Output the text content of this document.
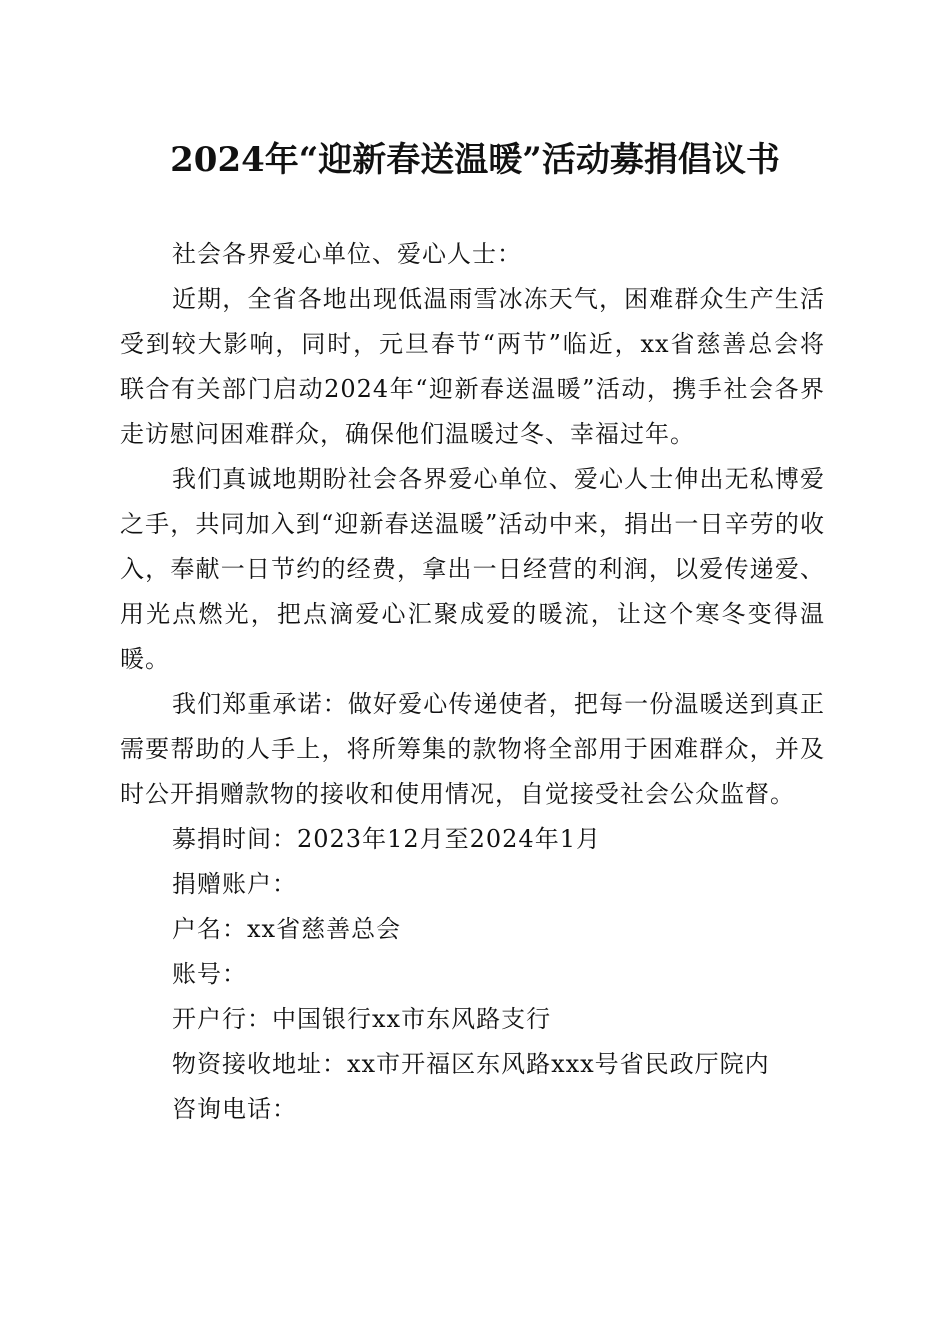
2024年“迎新春送温暖”活动募捐倡议书

社会各界爱心单位、爱心人士：

近期，全省各地出现低温雨雪冰冻天气，困难群众生产生活受到较大影响，同时，元旦春节“两节”临近，xx省慈善总会将联合有关部门启动2024年“迎新春送温暖”活动，携手社会各界走访慰问困难群众，确保他们温暖过冬、幸福过年。

我们真诚地期盼社会各界爱心单位、爱心人士伸出无私博爱之手，共同加入到“迎新春送温暖”活动中来，捐出一日辛劳的收入，奉献一日节约的经费，拿出一日经营的利润，以爱传递爱、用光点燃光，把点滴爱心汇聚成爱的暖流，让这个寒冬变得温暖。

我们郑重承诺：做好爱心传递使者，把每一份温暖送到真正需要帮助的人手上，将所筹集的款物将全部用于困难群众，并及时公开捐赠款物的接收和使用情况，自觉接受社会公众监督。

募捐时间：2023年12月至2024年1月

捐赠账户：

户名：xx省慈善总会

账号：

开户行：中国银行xx市东风路支行

物资接收地址：xx市开福区东风路xxx号省民政厅院内

咨询电话：
